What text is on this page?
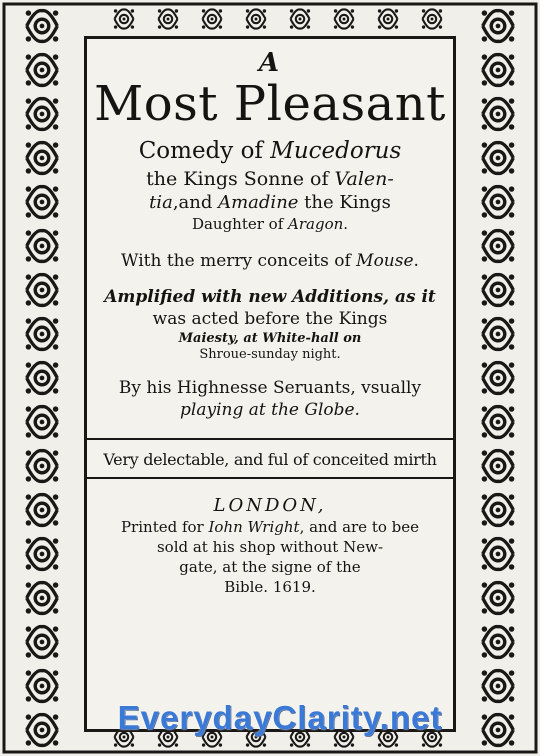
A
Most Pleasant
Comedy of Mucedorus
the Kings Sonne of Valen-
tia,and Amadine the Kings
Daughter of Aragon.
With the merry conceits of Mouse.
Amplified with new Additions, as it
was acted before the Kings
Maiesty, at White-hall on
Shroue-sunday night.
By his Highnesse Seruants, vsually
playing at the Globe.
Very delectable, and ful of conceited mirth
LONDON,
Printed for Iohn Wright, and are to bee
sold at his shop without New-
gate, at the signe of the
Bible. 1619.
EverydayClarity.net
